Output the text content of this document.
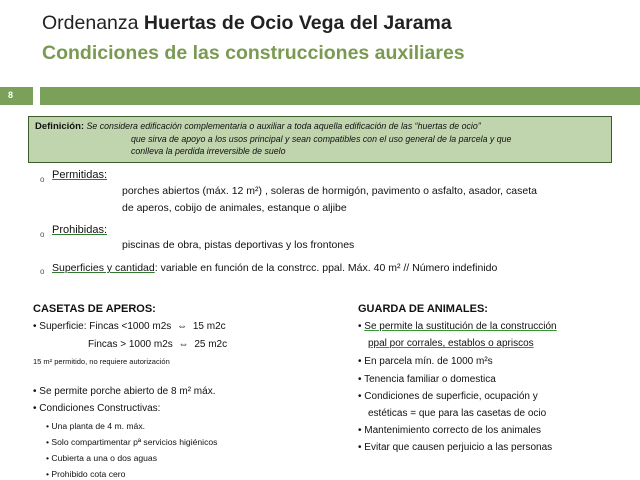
Ordenanza Huertas de Ocio Vega del Jarama
Condiciones de las construcciones auxiliares
8
Definición: Se considera edificación complementaria o auxiliar a toda aquella edificación de las “huertas de ocio”
que sirva de apoyo a los usos principal y sean compatibles con el uso general de la parcela y que
conlleva la perdida irreversible de suelo
o Permitidas:
porches abiertos (máx. 12 m²) , soleras de hormigón, pavimento o asfalto, asador, caseta
de aperos, cobijo de animales, estanque o aljibe
o Prohibidas:
piscinas de obra, pistas deportivas y los frontones
o Superficies y cantidad: variable en función de la constrcc. ppal. Máx. 40 m² // Número indefinido
CASETAS DE APEROS:
• Superficie: Fincas <1000 m2s ⇔ 15 m2c
Fincas > 1000 m2s ⇔ 25 m2c
15 m² permitido, no requiere autorización
• Se permite porche abierto de 8 m² máx.
• Condiciones Constructivas:
• Una planta de 4 m. máx.
• Solo compartimentar pª servicios higiénicos
• Cubierta a una o dos aguas
• Prohibido cota cero
GUARDA DE ANIMALES:
• Se permite la sustitución de la construcción
ppal por corrales, establos o apriscos
• En parcela mín. de 1000 m²s
• Tenencia familiar o domestica
• Condiciones de superficie, ocupación y
estéticas = que para las casetas de ocio
• Mantenimiento correcto de los animales
• Evitar que causen perjuicio a las personas
